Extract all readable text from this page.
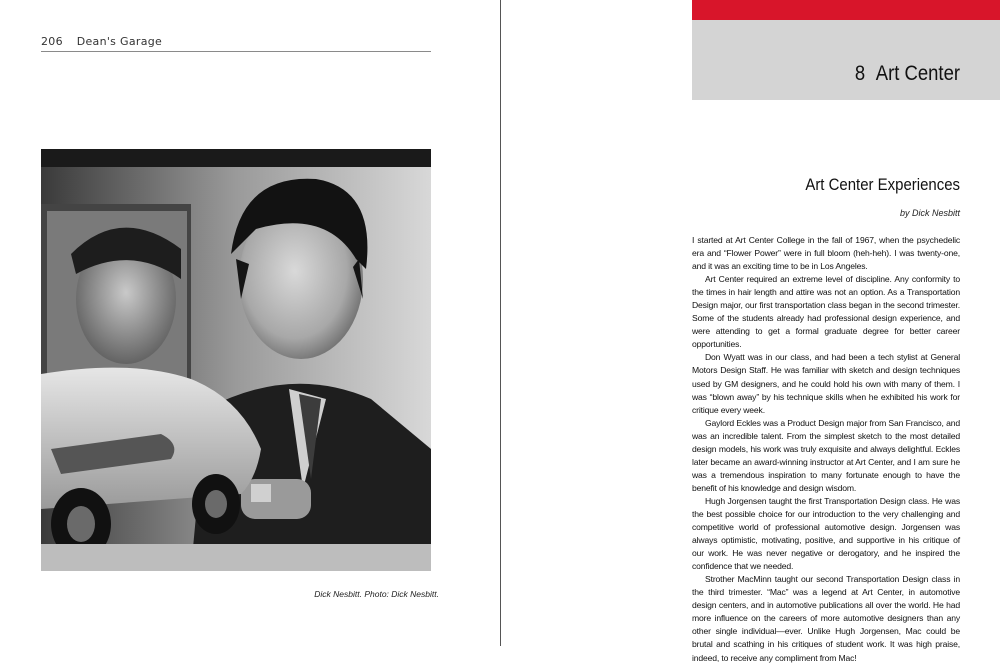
206 Dean's Garage
Dick Nesbitt. Photo: Dick Nesbitt.
8 Art Center
Art Center Experiences
by Dick Nesbitt

I started at Art Center College in the fall of 1967, when the psychedelic era and “Flower Power” were in full bloom (heh-heh). I was twenty-one, and it was an exciting time to be in Los Angeles.

Art Center required an extreme level of discipline. Any conformity to the times in hair length and attire was not an option. As a Transportation Design major, our first transportation class began in the second trimester. Some of the students already had professional design experience, and were attending to get a formal graduate degree for better career opportunities.

Don Wyatt was in our class, and had been a tech stylist at General Motors Design Staff. He was familiar with sketch and design techniques used by GM designers, and he could hold his own with many of them. I was “blown away” by his technique skills when he exhibited his work for critique every week.

Gaylord Eckles was a Product Design major from San Francisco, and was an incredible talent. From the simplest sketch to the most detailed design models, his work was truly exquisite and always delightful. Eckles later became an award-winning instructor at Art Center, and I am sure he was a tremendous inspiration to many fortunate enough to have the benefit of his knowledge and design wisdom.

Hugh Jorgensen taught the first Transportation Design class. He was the best possible choice for our introduction to the very challenging and competitive world of professional automotive design. Jorgensen was always optimistic, motivating, positive, and supportive in his critique of our work. He was never negative or derogatory, and he inspired the confidence that we needed.

Strother MacMinn taught our second Transportation Design class in the third trimester. “Mac” was a legend at Art Center, in automotive design centers, and in automotive publications all over the world. He had more influence on the careers of more automotive designers than any other single individual—ever. Unlike Hugh Jorgensen, Mac could be brutal and scathing in his critiques of student work. It was high praise, indeed, to receive any compliment from Mac!
